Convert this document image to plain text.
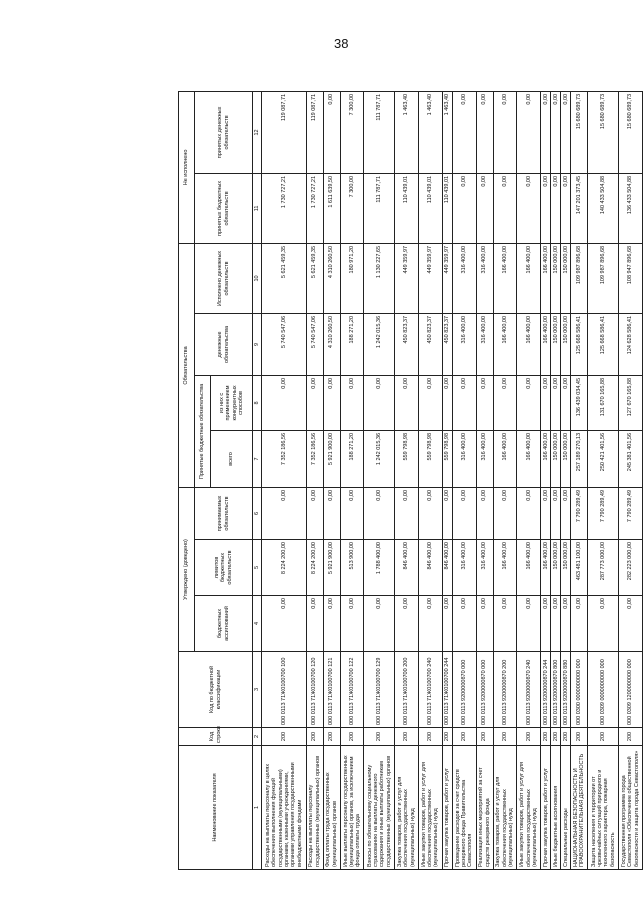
38
Наименование показателя	Код строки	Код по бюджетной классификации	Утверждено (доведено)			Обязательства				Не исполнено	
			бюджетных ассигнований	лимитов бюджетных обязательств	принимаемых обязательств	Принятые бюджетные обязательства		денежные обязательства	Исполнено денежных обязательств	принятых бюджетных обязательств	принятых денежных обязательств
						всего	из них с применением конкурентных способов				

1	2	3	4	5	6	7	8	9	10	11	12
Расходы на выплаты персоналу в целях обеспечения выполнения функций государственными (муниципальными) органами, казенными учреждениями, органами управления государственными внебюджетными фондами	200	000 0113 71Ж0100700 100	0,00	8 224 200,00	0,00	7 352 186,56	0,00	5 740 547,06	5 621 459,35	1 730 727,21	119 087,71
Расходы на выплаты персоналу государственных (муниципальных) органов	200	000 0113 71Ж0100700 120	0,00	8 224 200,00	0,00	7 352 186,56	0,00	5 740 547,06	5 621 459,35	1 730 727,21	119 087,71
Фонд оплаты труда государственных (муниципальных) органов	200	000 0113 71Ж0100700 121	0,00	5 921 900,00	0,00	5 921 900,00	0,00	4 310 260,50	4 310 260,50	1 611 639,50	0,00
Иные выплаты персоналу государственных (муниципальных) органов, за исключением фонда оплаты труда	200	000 0113 71Ж0100700 122	0,00	513 900,00	0,00	188 271,20	0,00	188 271,20	180 971,20	7 300,00	7 300,00
Взносы по обязательному социальному страхованию на выплаты денежного содержания и иные выплаты работникам государственных (муниципальных) органов	200	000 0113 71Ж0100700 129	0,00	1 788 400,00	0,00	1 242 015,36	0,00	1 242 015,36	1 130 227,65	111 787,71	111 787,71
Закупка товаров, работ и услуг для обеспечения государственных (муниципальных) нужд	200	000 0113 71Ж0100700 200	0,00	846 400,00	0,00	559 798,98	0,00	450 823,37	449 359,97	110 439,01	1 463,40
Иные закупки товаров, работ и услуг для обеспечения государственных (муниципальных) нужд	200	000 0113 71Ж0100700 240	0,00	846 400,00	0,00	559 798,98	0,00	450 823,37	449 359,97	110 439,01	1 463,40
Прочая закупка товаров, работ и услуг	200	000 0113 71Ж0100700 244	0,00	846 400,00	0,00	559 798,98	0,00	450 823,37	449 359,97	110 439,01	1 463,40
Проведение расходов за счет средств резервного фонда Правительства Севастополя	200	000 0113 9200000870 000	0,00	316 400,00	0,00	316 400,00	0,00	316 400,00	316 400,00	0,00	0,00
Реализация иных мероприятий за счет средств резервного фонда	200	000 0113 9200000870 000	0,00	316 400,00	0,00	316 400,00	0,00	316 400,00	316 400,00	0,00	0,00
Закупка товаров, работ и услуг для обеспечения государственных (муниципальных) нужд	200	000 0113 9200000870 200	0,00	166 400,00	0,00	166 400,00	0,00	166 400,00	166 400,00	0,00	0,00
Иные закупки товаров, работ и услуг для обеспечения государственных (муниципальных) нужд	200	000 0113 9200000870 240	0,00	166 400,00	0,00	166 400,00	0,00	166 400,00	166 400,00	0,00	0,00
Прочая закупка товаров, работ и услуг	200	000 0113 9200000870 244	0,00	166 400,00	0,00	166 400,00	0,00	166 400,00	166 400,00	0,00	0,00
Иные бюджетные ассигнования	200	000 0113 9200000870 800	0,00	150 000,00	0,00	150 000,00	0,00	150 000,00	150 000,00	0,00	0,00
Специальные расходы	200	000 0113 9200000870 880	0,00	150 000,00	0,00	150 000,00	0,00	150 000,00	150 000,00	0,00	0,00
НАЦИОНАЛЬНАЯ БЕЗОПАСНОСТЬ И ПРАВООХРАНИТЕЛЬНАЯ ДЕЯТЕЛЬНОСТЬ	200	000 0300 0000000000 000	0,00	463 481 100,00	7 790 289,49	257 189 270,13	136 439 034,45	125 668 586,41	109 987 896,68	147 201 373,45	15 680 689,73
Защита населения и территории от чрезвычайных ситуаций природного и техногенного характера, пожарная безопасность	200	000 0309 0000000000 000	0,00	287 773 000,00	7 790 289,49	250 421 401,56	131 670 165,88	125 668 586,41	109 987 896,68	140 433 504,88	15 680 689,73
Государственная программа города Севастополя «Обеспечение общественной безопасности и защита города Севастополя»	200	000 0309 1200000000 000	0,00	282 223 000,00	7 790 289,49	245 381 401,56	127 670 165,88	124 628 586,41	108 947 896,68	136 433 504,88	15 680 689,73
